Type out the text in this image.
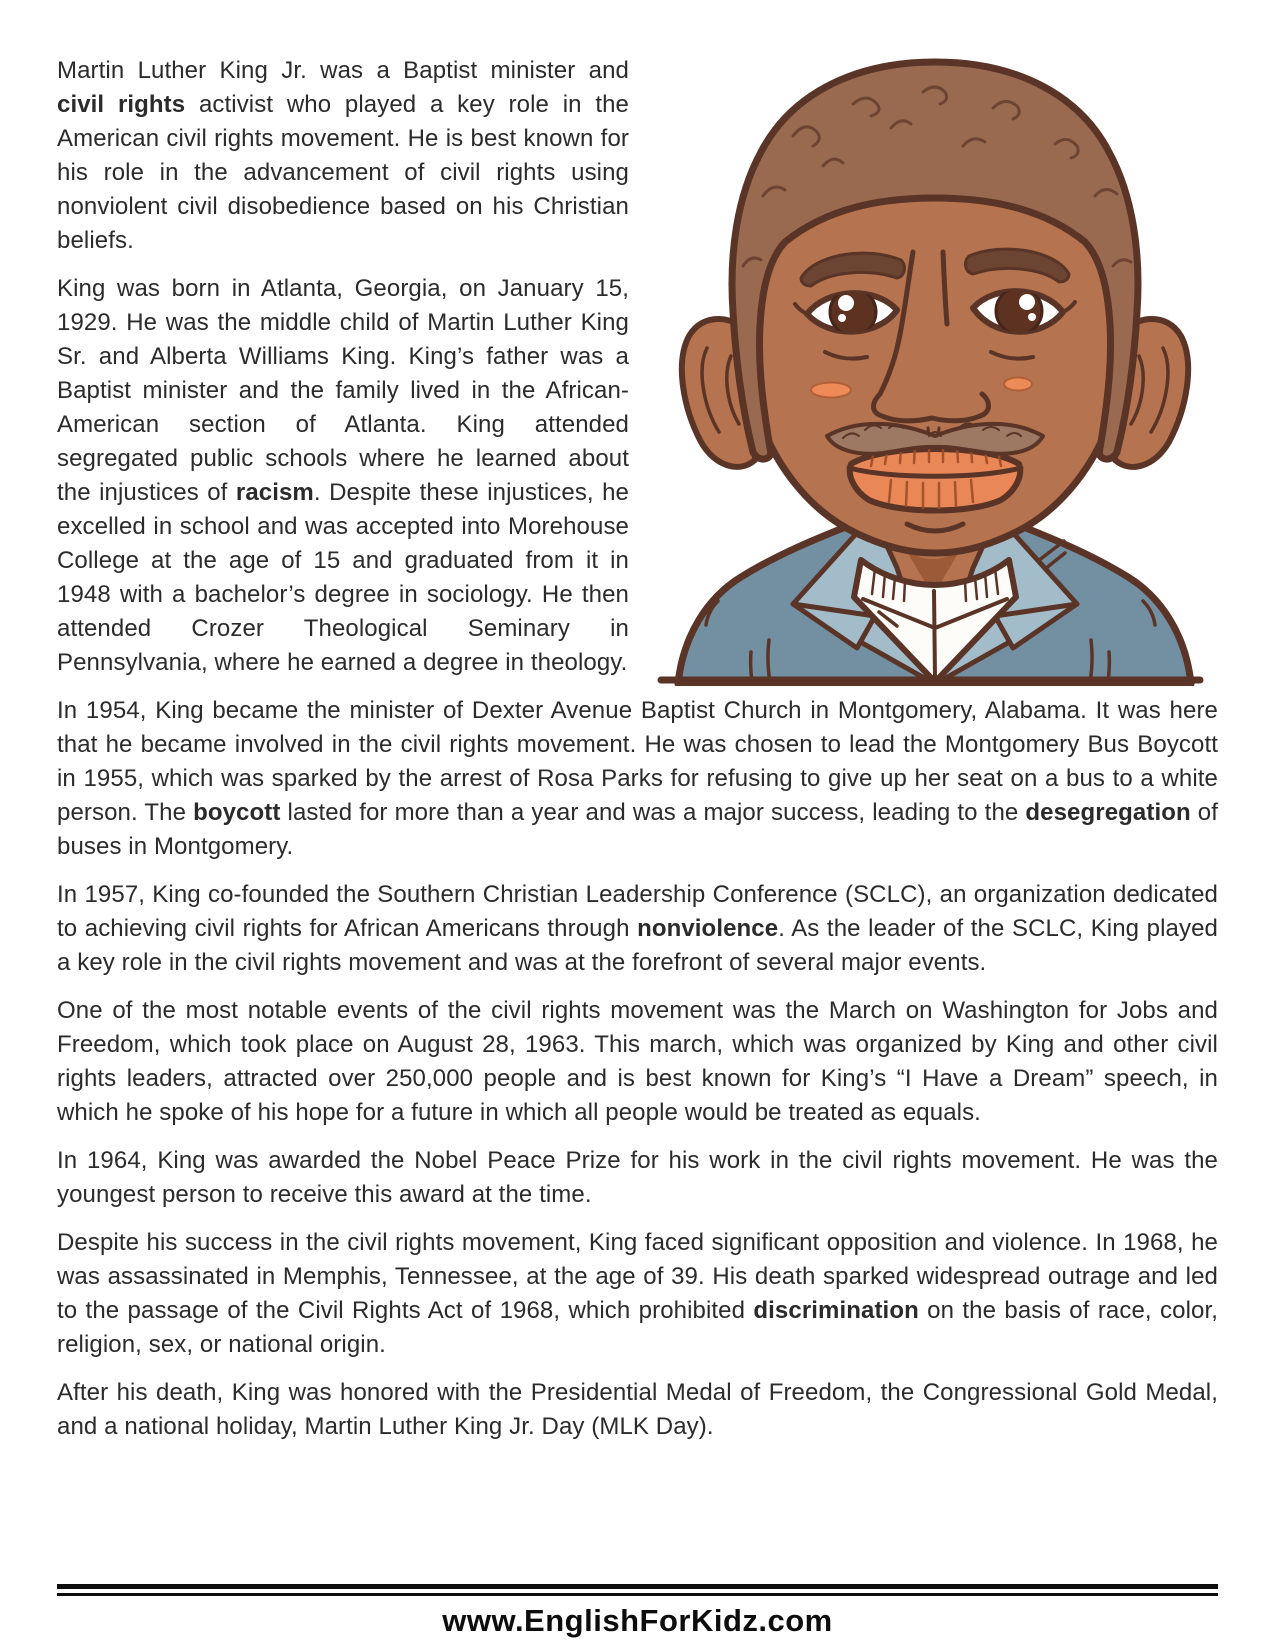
Martin Luther King Jr. was a Baptist minister and civil rights activist who played a key role in the American civil rights movement. He is best known for his role in the advancement of civil rights using nonviolent civil disobedience based on his Christian beliefs.

King was born in Atlanta, Georgia, on January 15, 1929. He was the middle child of Martin Luther King Sr. and Alberta Williams King. King’s father was a Baptist minister and the family lived in the African-American section of Atlanta. King attended segregated public schools where he learned about the injustices of racism. Despite these injustices, he excelled in school and was accepted into Morehouse College at the age of 15 and graduated from it in 1948 with a bachelor’s degree in sociology. He then attended Crozer Theological Seminary in Pennsylvania, where he earned a degree in theology.

In 1954, King became the minister of Dexter Avenue Baptist Church in Montgomery, Alabama. It was here that he became involved in the civil rights movement. He was chosen to lead the Montgomery Bus Boycott in 1955, which was sparked by the arrest of Rosa Parks for refusing to give up her seat on a bus to a white person. The boycott lasted for more than a year and was a major success, leading to the desegregation of buses in Montgomery.

In 1957, King co-founded the Southern Christian Leadership Conference (SCLC), an organization dedicated to achieving civil rights for African Americans through nonviolence. As the leader of the SCLC, King played a key role in the civil rights movement and was at the forefront of several major events.

One of the most notable events of the civil rights movement was the March on Washington for Jobs and Freedom, which took place on August 28, 1963. This march, which was organized by King and other civil rights leaders, attracted over 250,000 people and is best known for King’s “I Have a Dream” speech, in which he spoke of his hope for a future in which all people would be treated as equals.

In 1964, King was awarded the Nobel Peace Prize for his work in the civil rights movement. He was the youngest person to receive this award at the time.

Despite his success in the civil rights movement, King faced significant opposition and violence. In 1968, he was assassinated in Memphis, Tennessee, at the age of 39. His death sparked widespread outrage and led to the passage of the Civil Rights Act of 1968, which prohibited discrimination on the basis of race, color, religion, sex, or national origin.

After his death, King was honored with the Presidential Medal of Freedom, the Congressional Gold Medal, and a national holiday, Martin Luther King Jr. Day (MLK Day).

www.EnglishForKidz.com
